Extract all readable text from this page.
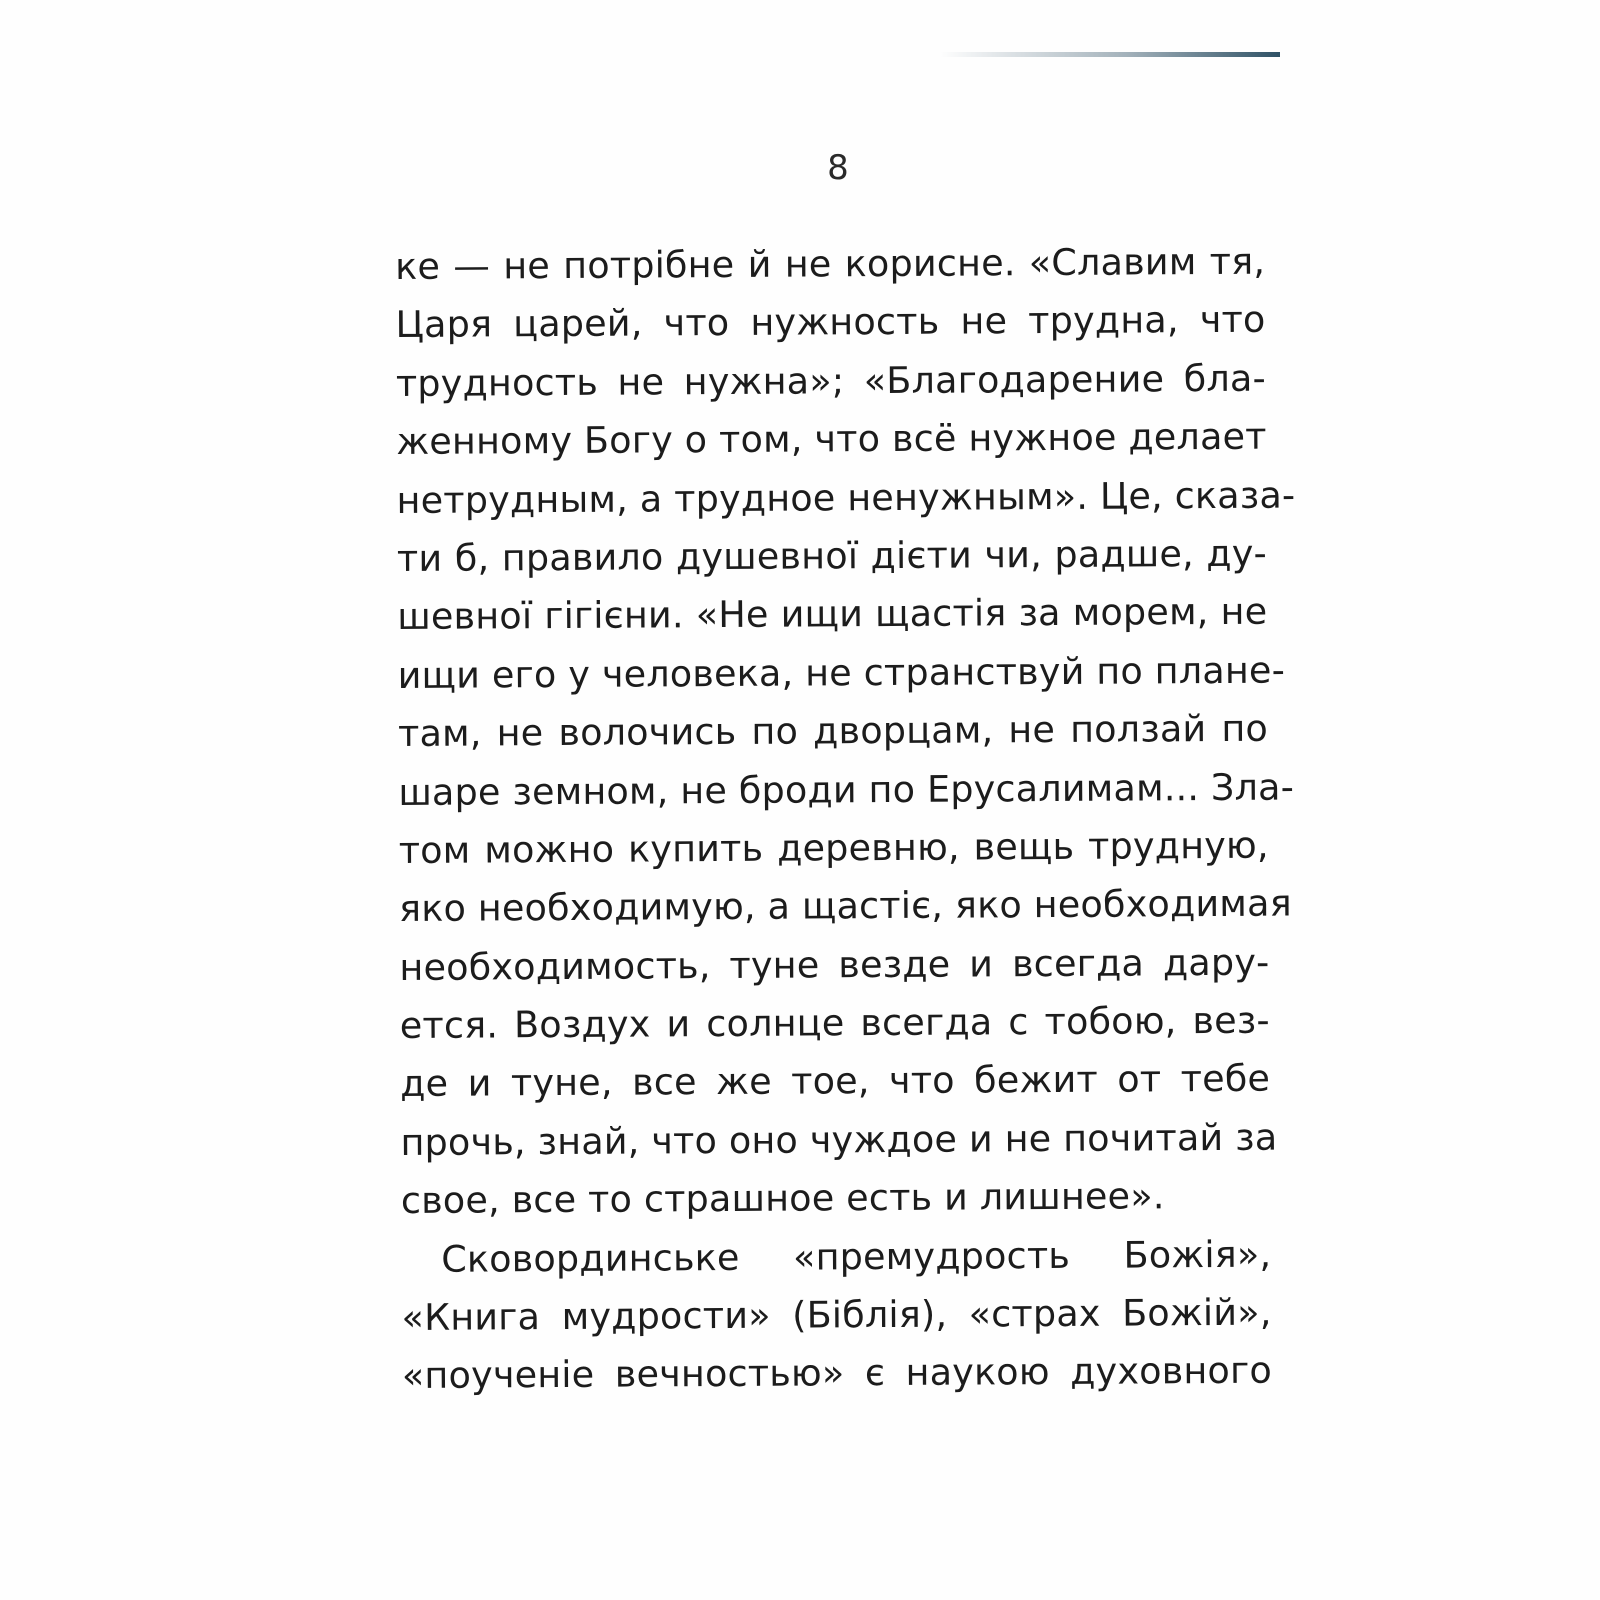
8
ке — не потрібне й не корисне. «Славим тя,
Царя царей, что нужность не трудна, что
трудность не нужна»; «Благодарение бла-
женному Богу о том, что всё нужное делает
нетрудным, а трудное ненужным». Це, сказа-
ти б, правило душевної дієти чи, радше, ду-
шевної гігієни. «Не ищи щастія за морем, не
ищи его у человека, не странствуй по плане-
там, не волочись по дворцам, не ползай по
шаре земном, не броди по Ерусалимам... Зла-
том можно купить деревню, вещь трудную,
яко необходимую, а щастіє, яко необходимая
необходимость, туне везде и всегда дару-
ется. Воздух и солнце всегда с тобою, вез-
де и туне, все же тое, что бежит от тебе
прочь, знай, что оно чуждое и не почитай за
свое, все то страшное есть и лишнее».
Сковординське «премудрость Божія»,
«Книга мудрости» (Біблія), «страх Божій»,
«поученіе вечностью» є наукою духовного
